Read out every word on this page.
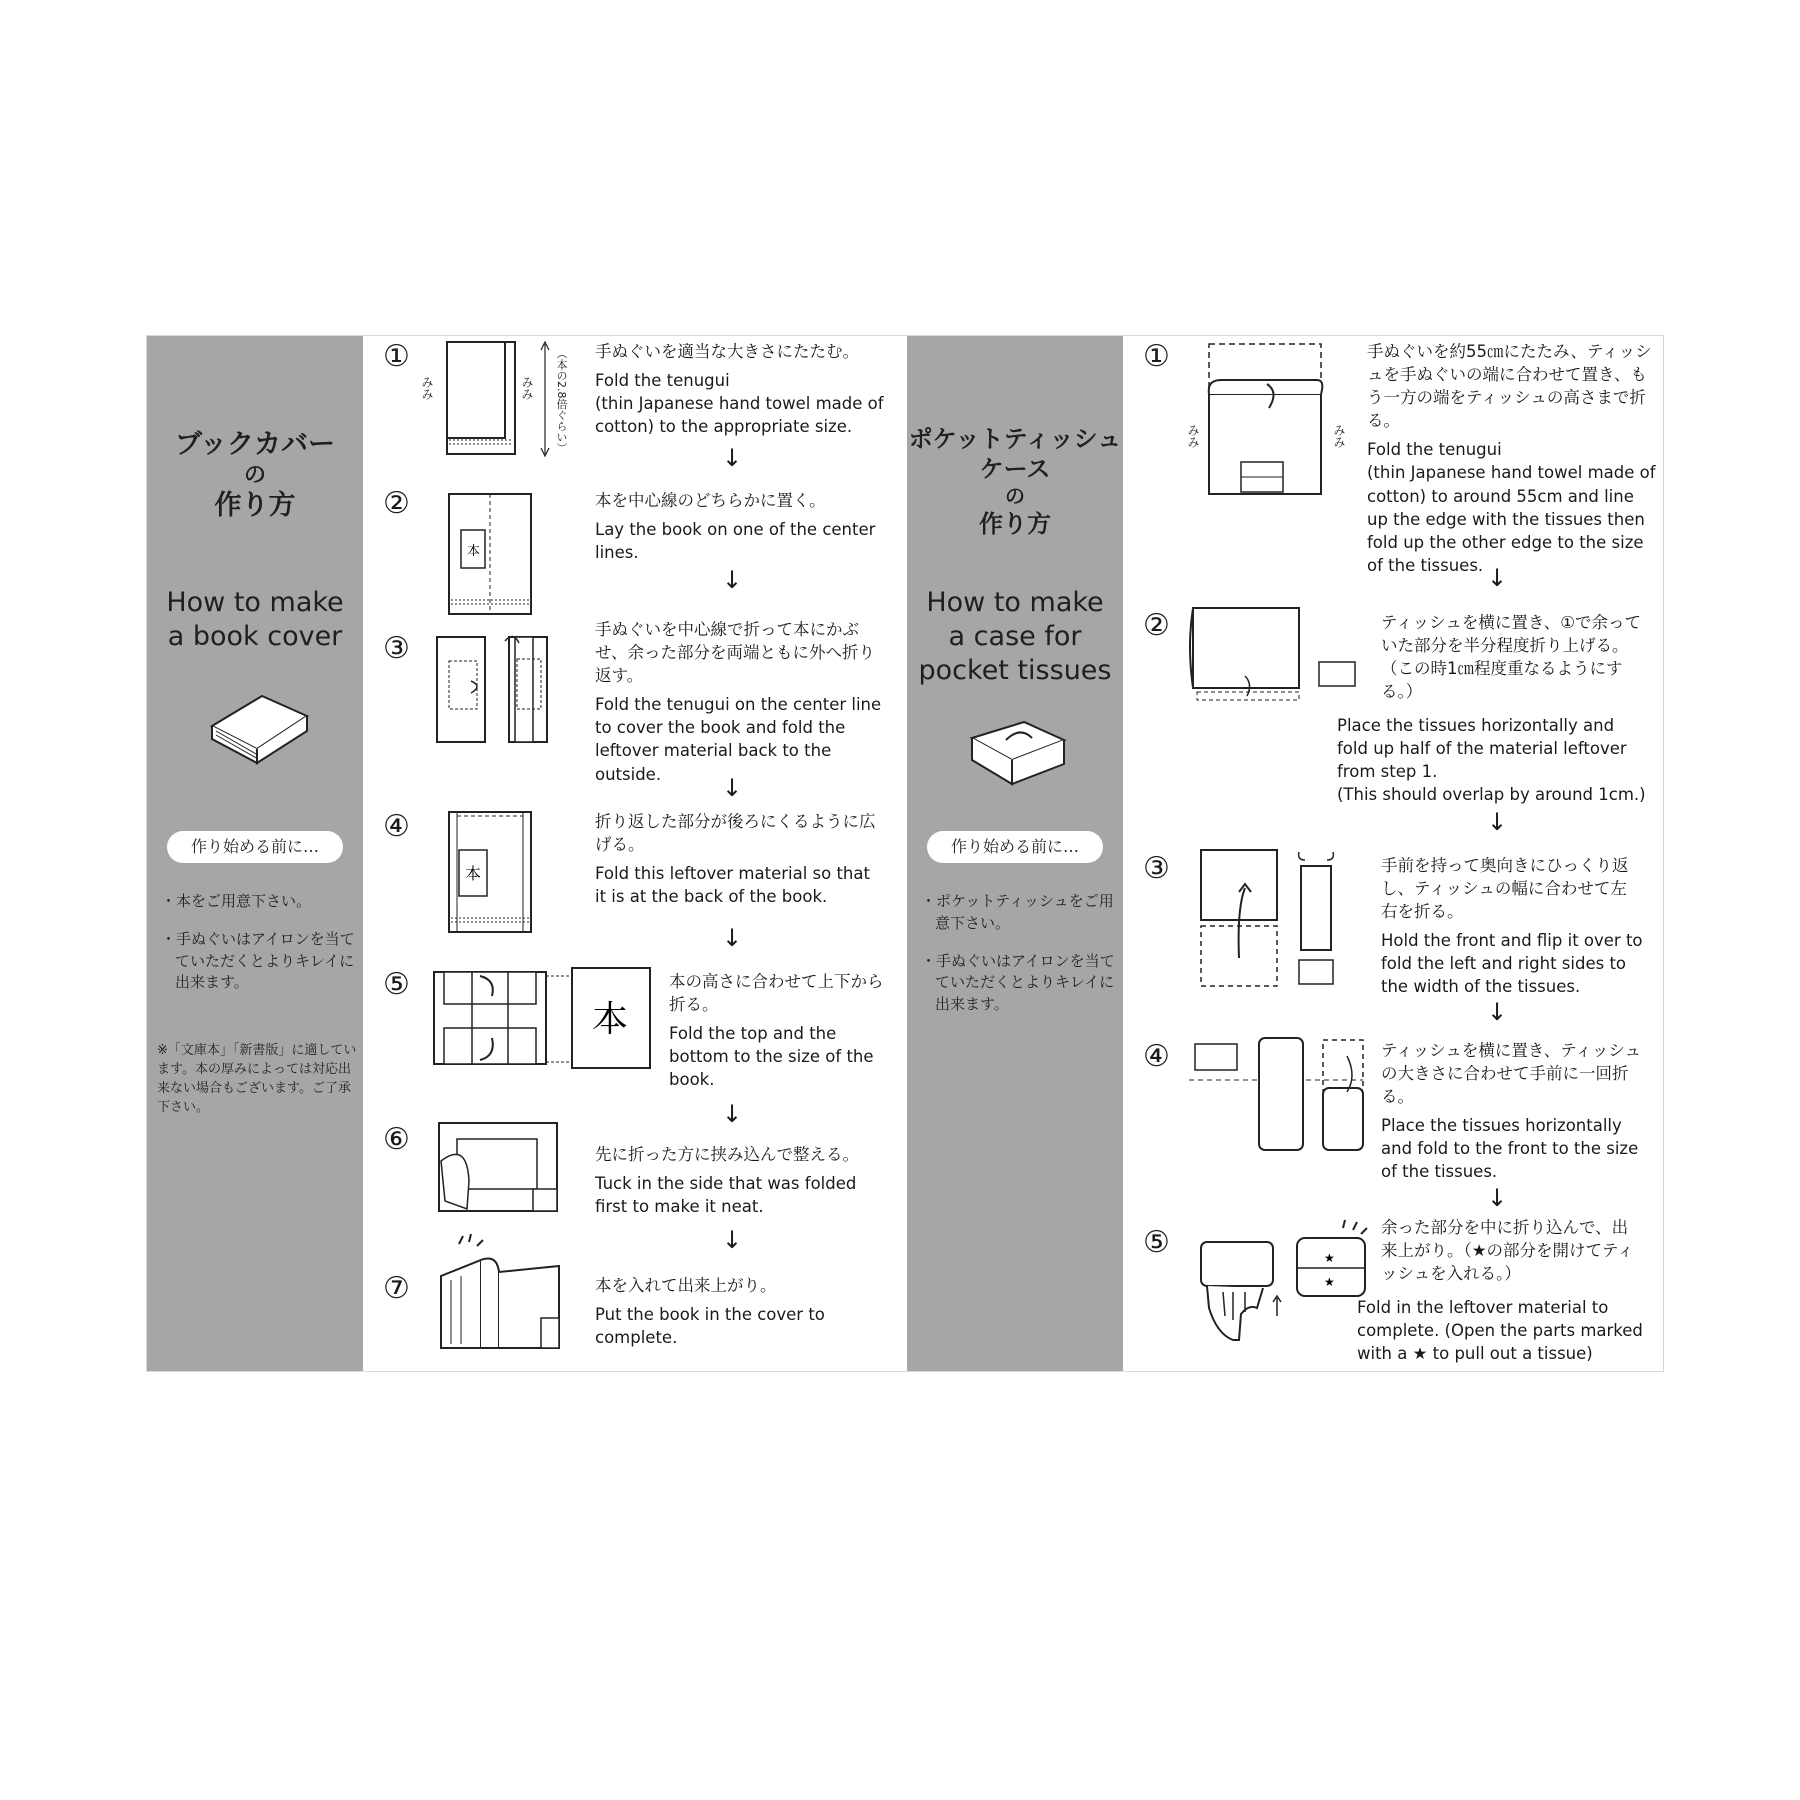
ブックカバー
の
作り方
How to make
a book cover
作り始める前に…
・本をご用意下さい。
・手ぬぐいはアイロンを当てていただくとよりキレイに出来ます。
※「文庫本」「新書版」に適しています。本の厚みによっては対応出来ない場合もございます。ご了承下さい。
①
みみ	みみ （本の2.8倍ぐらい） 手ぬぐいを適当な大きさにたたむ。
Fold the tenugui
(thin Japanese hand towel made of cotton) to the appropriate size.
↓
②
本
本を中心線のどちらかに置く。
Lay the book on one of the center lines.
↓
③
手ぬぐいを中心線で折って本にかぶせ、余った部分を両端ともに外へ折り返す。
Fold the tenugui on the center line to cover the book and fold the leftover material back to the outside.	↓
④
本
折り返した部分が後ろにくるように広げる。
Fold this leftover material so that it is at the back of the book.
↓
⑤
本
本の高さに合わせて上下から折る。
Fold the top and the bottom to the size of the book.
↓
⑥	先に折った方に挟み込んで整える。
Tuck in the side that was folded first to make it neat.
↓
⑦	本を入れて出来上がり。
Put the book in the cover to complete.
ポケットティッシュ
ケース
の
作り方
How to make
a case for
pocket tissues
作り始める前に…
・ポケットティッシュをご用意下さい。
・手ぬぐいはアイロンを当てていただくとよりキレイに出来ます。
①
みみ	みみ
手ぬぐいを約55㎝にたたみ、ティッシュを手ぬぐいの端に合わせて置き、もう一方の端をティッシュの高さまで折る。
Fold the tenugui
(thin Japanese hand towel made of cotton) to around 55cm and line up the edge with the tissues then fold up the other edge to the size of the tissues. ↓
②	ティッシュを横に置き、①で余っていた部分を半分程度折り上げる。（この時1㎝程度重なるようにする。）
Place the tissues horizontally and fold up half of the material leftover from step 1.
(This should overlap by around 1cm.)
↓
③	手前を持って奥向きにひっくり返し、ティッシュの幅に合わせて左右を折る。
Hold the front and flip it over to fold the left and right sides to the width of the tissues.
↓
④	ティッシュを横に置き、ティッシュの大きさに合わせて手前に一回折る。
Place the tissues horizontally and fold to the front to the size of the tissues.
↓
⑤	★
★
余った部分を中に折り込んで、出来上がり。（★の部分を開けてティッシュを入れる。）
Fold in the leftover material to complete. (Open the parts marked with a ★ to pull out a tissue)
